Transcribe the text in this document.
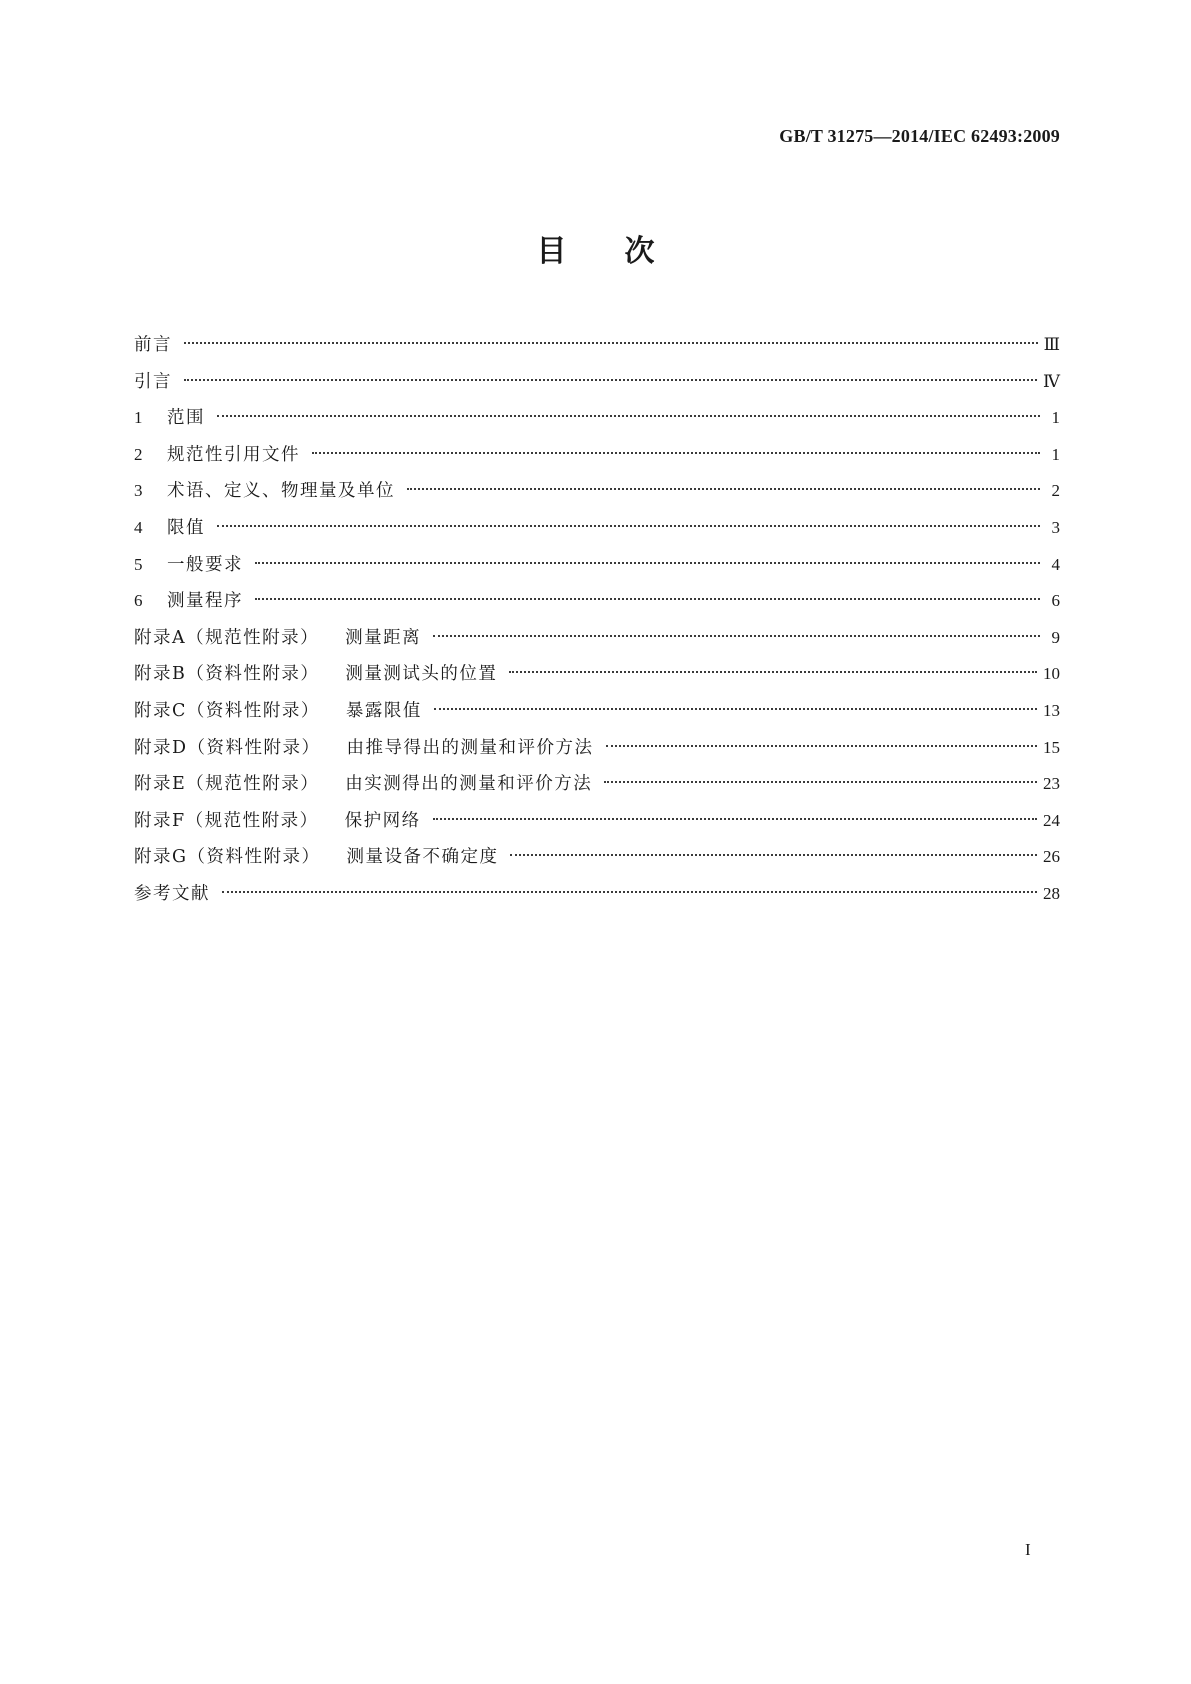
GB/T 31275—2014/IEC 62493:2009
目次
前言	Ⅲ
引言	Ⅳ
1	范围	1
2	规范性引用文件	1
3	术语、定义、物理量及单位	2
4	限值	3
5	一般要求	4
6	测量程序	6
附录A（规范性附录） 测量距离	9
附录B（资料性附录） 测量测试头的位置	10
附录C（资料性附录） 暴露限值	13
附录D（资料性附录） 由推导得出的测量和评价方法	15
附录E（规范性附录） 由实测得出的测量和评价方法	23
附录F（规范性附录） 保护网络	24
附录G（资料性附录） 测量设备不确定度	26
参考文献	28
I
